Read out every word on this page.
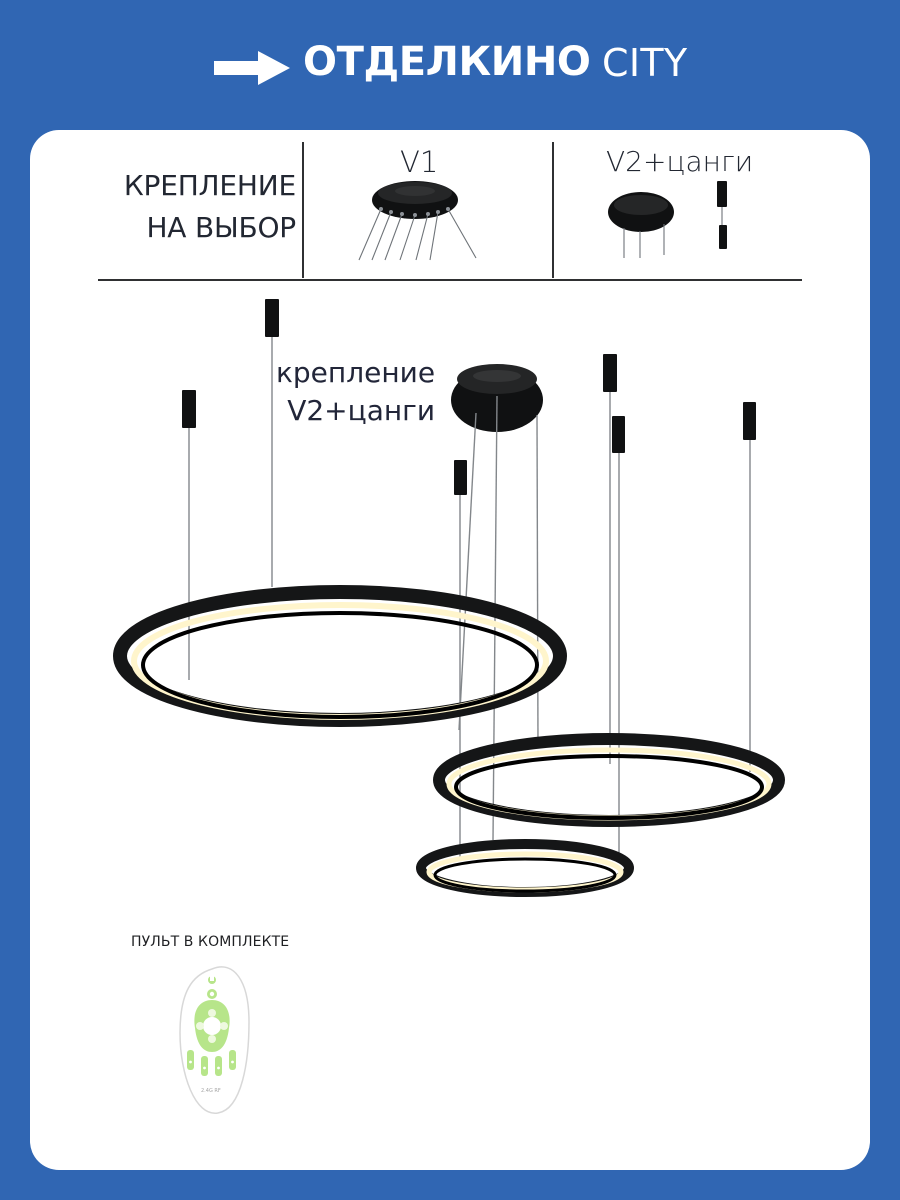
ОТДЕЛКИНО CITY
КРЕПЛЕНИЕ
НА ВЫБОР
V1	V2+цанги
2.4G RF
крепление
V2+цанги
ПУЛЬТ В КОМПЛЕКТЕ
